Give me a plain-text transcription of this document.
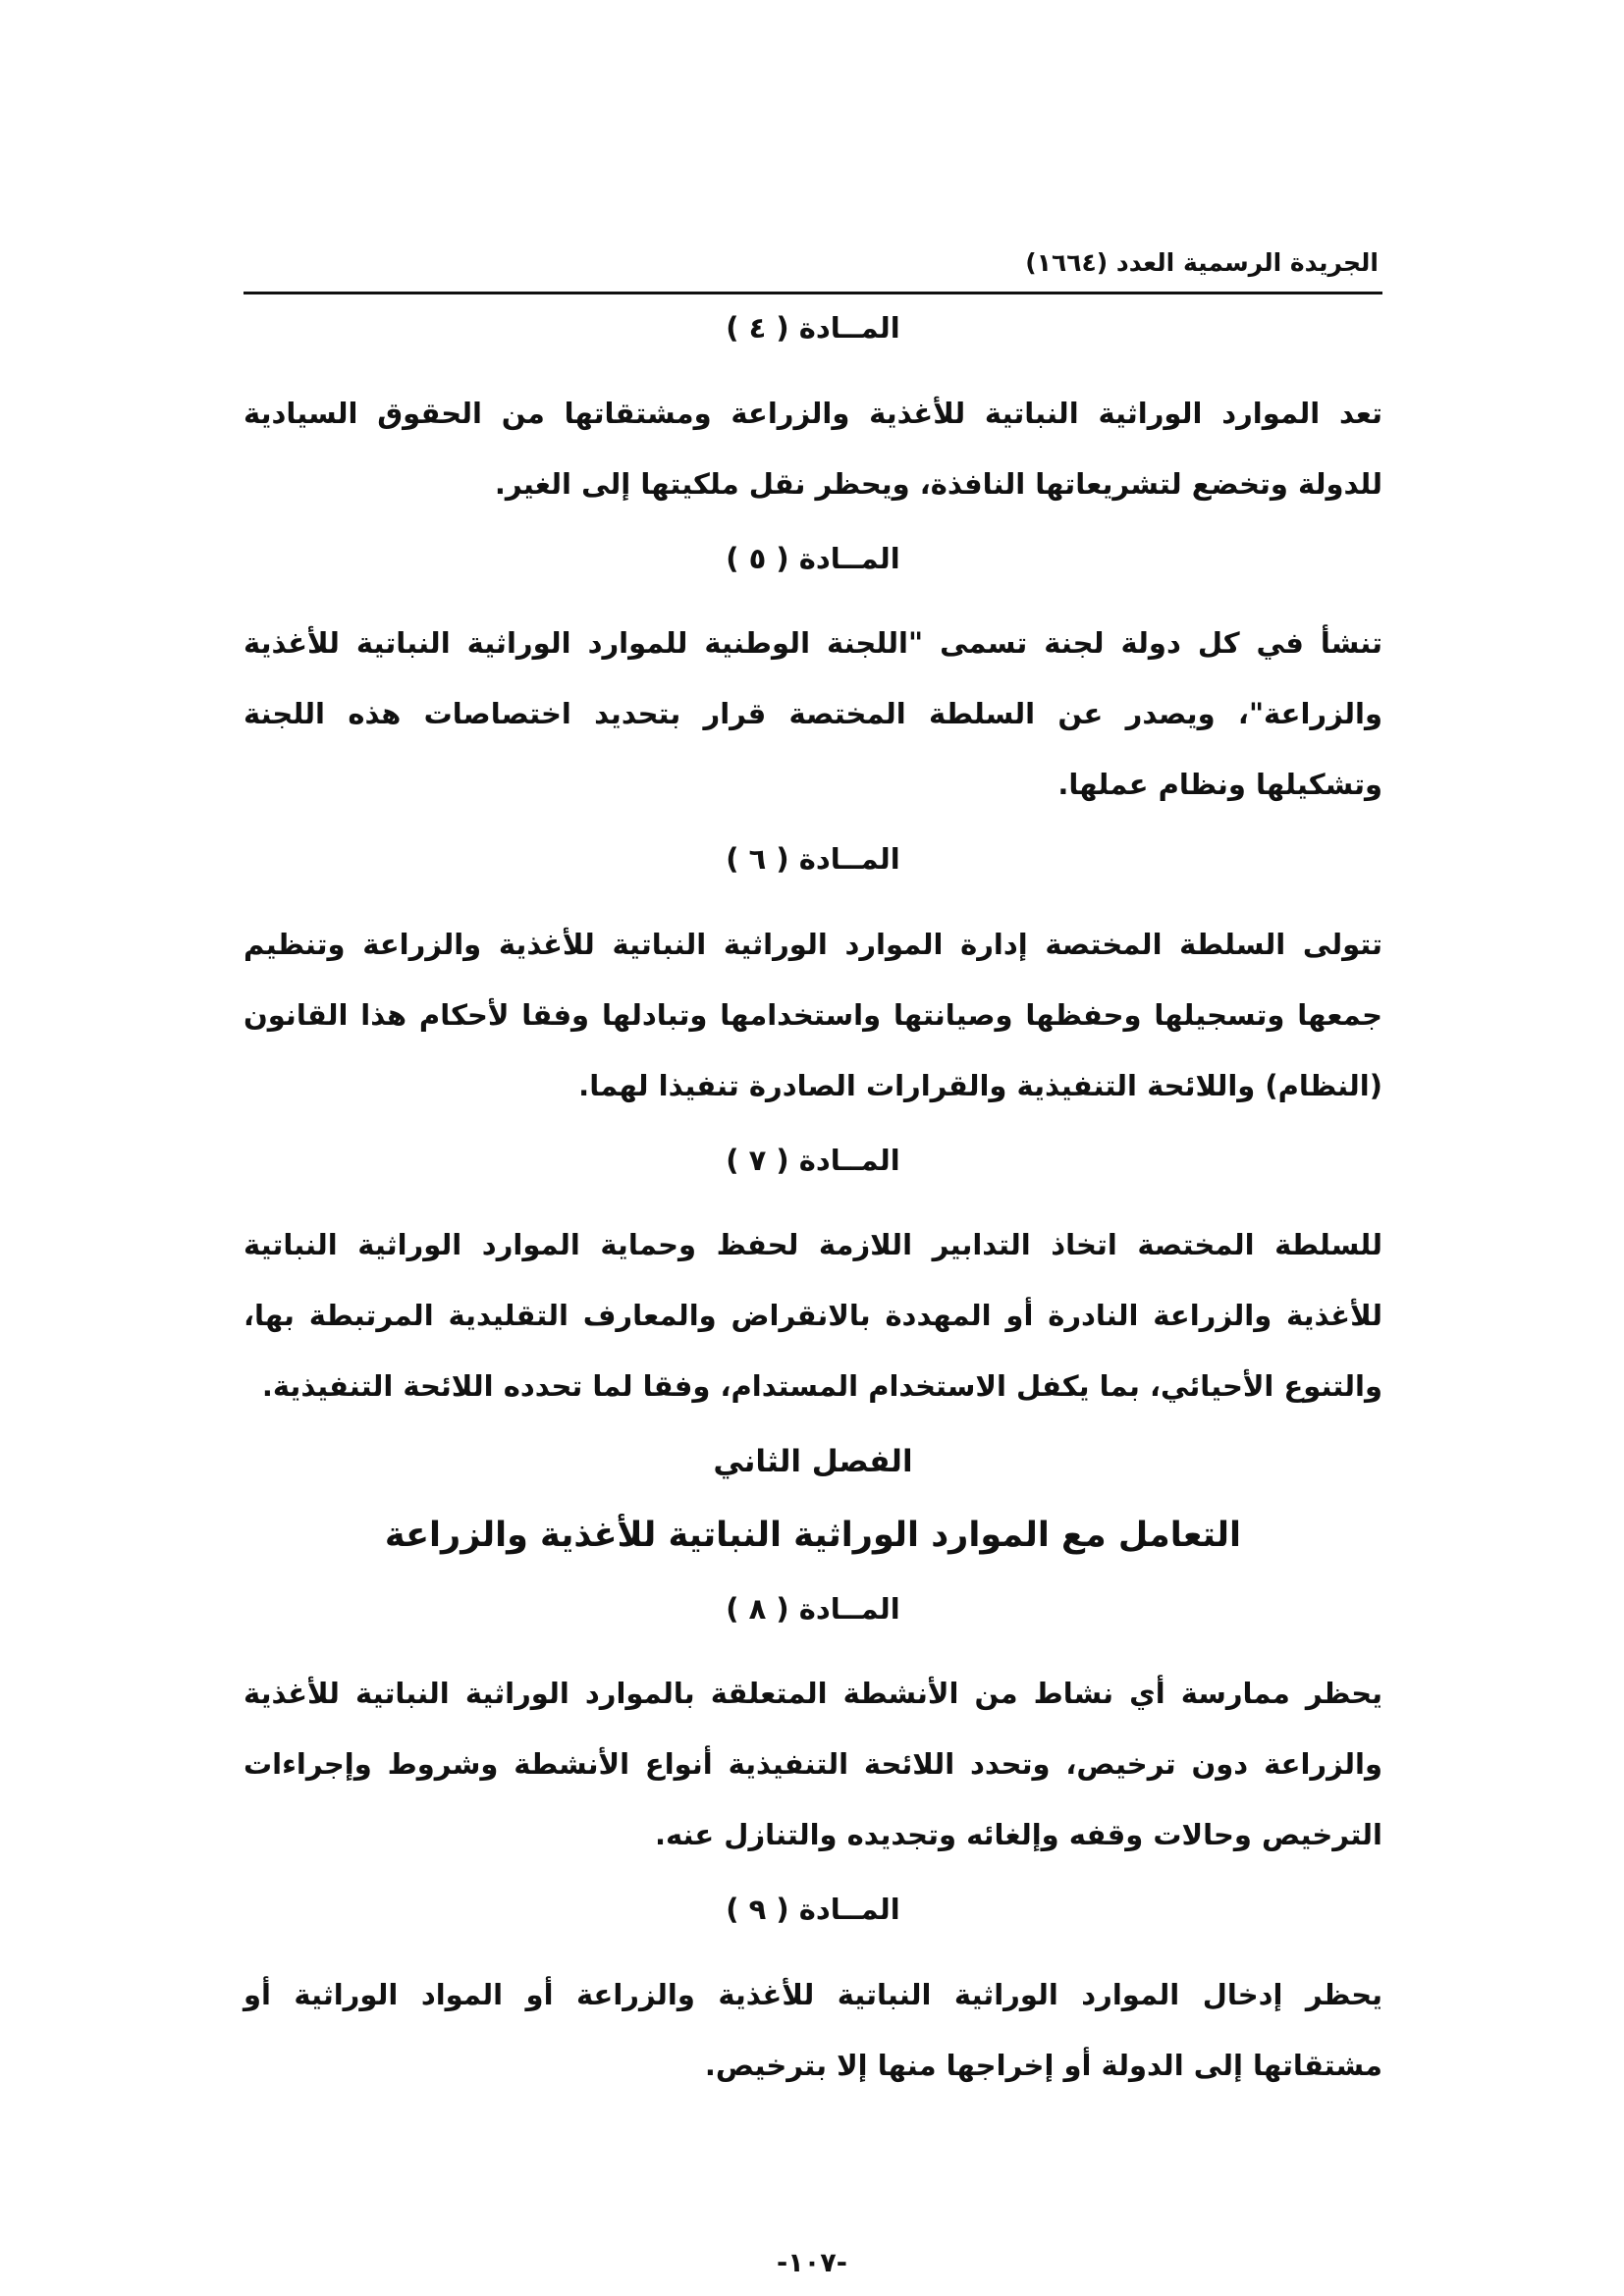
الجريدة الرسمية العدد (١٦٦٤)
المــادة ( ٤ )

تعد الموارد الوراثية النباتية للأغذية والزراعة ومشتقاتها من الحقوق السيادية للدولة وتخضع لتشريعاتها النافذة، ويحظر نقل ملكيتها إلى الغير.

المــادة ( ٥ )

تنشأ في كل دولة لجنة تسمى "اللجنة الوطنية للموارد الوراثية النباتية للأغذية والزراعة"، ويصدر عن السلطة المختصة قرار بتحديد اختصاصات هذه اللجنة وتشكيلها ونظام عملها.

المــادة ( ٦ )

تتولى السلطة المختصة إدارة الموارد الوراثية النباتية للأغذية والزراعة وتنظيم جمعها وتسجيلها وحفظها وصيانتها واستخدامها وتبادلها وفقا لأحكام هذا القانون (النظام) واللائحة التنفيذية والقرارات الصادرة تنفيذا لهما.

المــادة ( ٧ )

للسلطة المختصة اتخاذ التدابير اللازمة لحفظ وحماية الموارد الوراثية النباتية للأغذية والزراعة النادرة أو المهددة بالانقراض والمعارف التقليدية المرتبطة بها، والتنوع الأحيائي، بما يكفل الاستخدام المستدام، وفقا لما تحدده اللائحة التنفيذية.

الفصل الثاني
التعامل مع الموارد الوراثية النباتية للأغذية والزراعة
المــادة ( ٨ )

يحظر ممارسة أي نشاط من الأنشطة المتعلقة بالموارد الوراثية النباتية للأغذية والزراعة دون ترخيص، وتحدد اللائحة التنفيذية أنواع الأنشطة وشروط وإجراءات الترخيص وحالات وقفه وإلغائه وتجديده والتنازل عنه.

المــادة ( ٩ )

يحظر إدخال الموارد الوراثية النباتية للأغذية والزراعة أو المواد الوراثية أو مشتقاتها إلى الدولة أو إخراجها منها إلا بترخيص.

-١٠٧-
